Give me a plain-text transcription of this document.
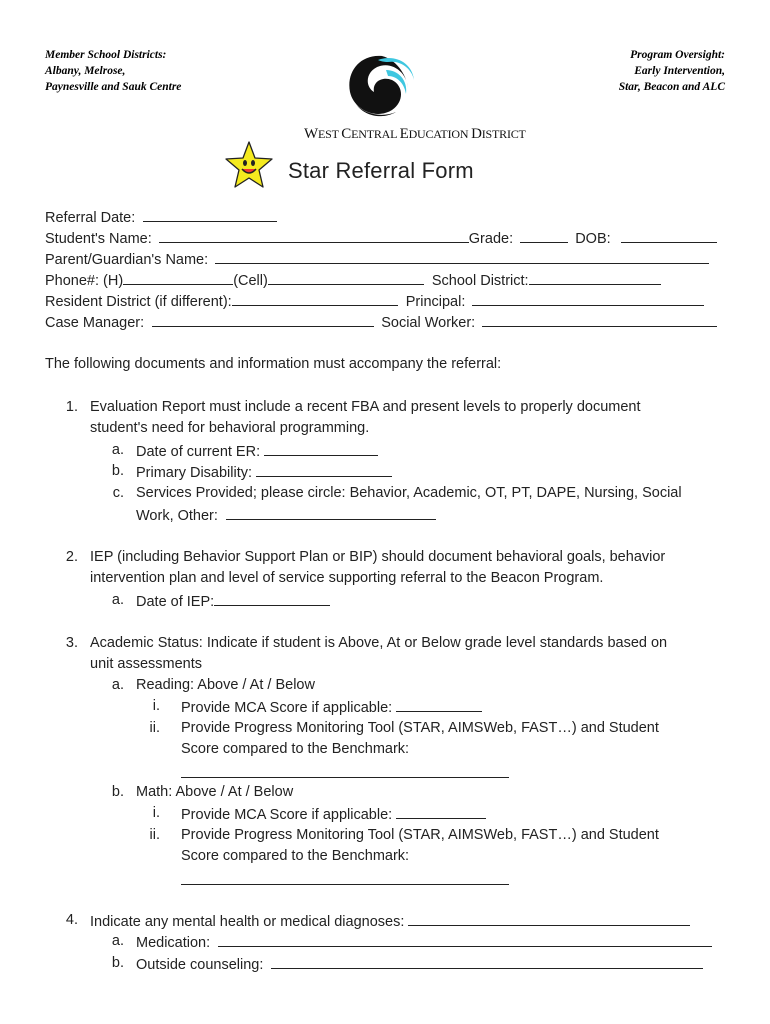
Member School Districts:
Albany, Melrose,
Paynesville and Sauk Centre
Program Oversight:
Early Intervention,
Star, Beacon and ALC
WEST CENTRAL EDUCATION DISTRICT
Star Referral Form
Referral Date:
Student's Name:	Grade:	DOB:
Parent/Guardian's Name:
Phone#: (H)	(Cell)	School District:
Resident District (if different):	Principal:
Case Manager:	Social Worker:
The following documents and information must accompany the referral:
1. Evaluation Report must include a recent FBA and present levels to properly document
student's need for behavioral programming.
a. Date of current ER:
b. Primary Disability:
c. Services Provided; please circle: Behavior, Academic, OT, PT, DAPE, Nursing, Social
Work, Other:
2. IEP (including Behavior Support Plan or BIP) should document behavioral goals, behavior
intervention plan and level of service supporting referral to the Beacon Program.
a. Date of IEP:
3. Academic Status: Indicate if student is Above, At or Below grade level standards based on
unit assessments
a. Reading: Above / At / Below
i. Provide MCA Score if applicable:
ii. Provide Progress Monitoring Tool (STAR, AIMSWeb, FAST…) and Student
Score compared to the Benchmark:
b. Math: Above / At / Below
i. Provide MCA Score if applicable:
ii. Provide Progress Monitoring Tool (STAR, AIMSWeb, FAST…) and Student
Score compared to the Benchmark:
4. Indicate any mental health or medical diagnoses:
a. Medication:
b. Outside counseling:
